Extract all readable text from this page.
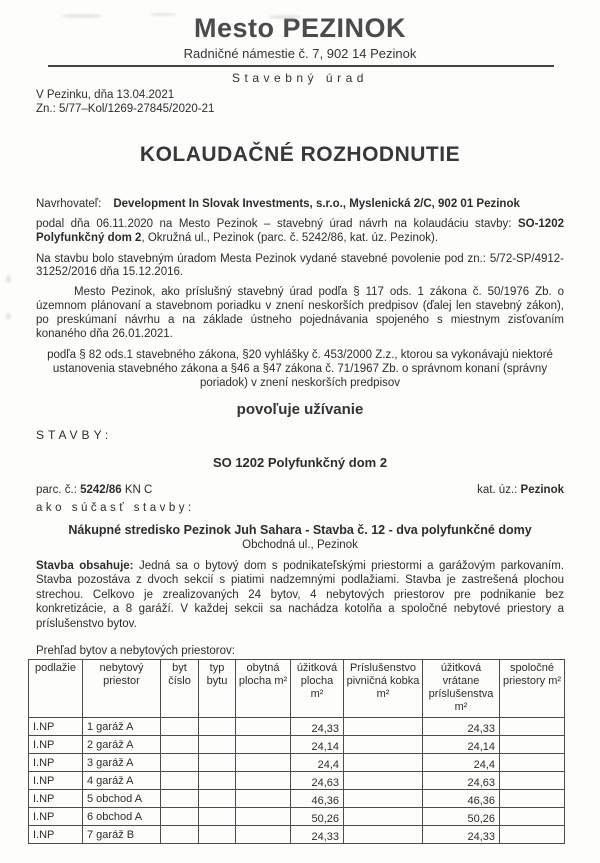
Mesto PEZINOK
Radničné námestie č. 7, 902 14 Pezinok
Stavebný úrad
V Pezinku, dňa 13.04.2021
Zn.: 5/77–Kol/1269-27845/2020-21
KOLAUDAČNÉ ROZHODNUTIE
Navrhovateľ: Development In Slovak Investments, s.r.o., Myslenická 2/C, 902 01 Pezinok

podal dňa 06.11.2020 na Mesto Pezinok – stavebný úrad návrh na kolaudáciu stavby: SO-1202 Polyfunkčný dom 2, Okružná ul., Pezinok (parc. č. 5242/86, kat. úz. Pezinok).

Na stavbu bolo stavebným úradom Mesta Pezinok vydané stavebné povolenie pod zn.: 5/72-SP/4912-31252/2016 dňa 15.12.2016.

Mesto Pezinok, ako príslušný stavebný úrad podľa § 117 ods. 1 zákona č. 50/1976 Zb. o územnom plánovaní a stavebnom poriadku v znení neskorších predpisov (ďalej len stavebný zákon), po preskúmaní návrhu a na základe ústneho pojednávania spojeného s miestnym zisťovaním konaného dňa 26.01.2021.

podľa § 82 ods.1 stavebného zákona, §20 vyhlášky č. 453/2000 Z.z., ktorou sa vykonávajú niektoré ustanovenia stavebného zákona a §46 a §47 zákona č. 71/1967 Zb. o správnom konaní (správny poriadok) v znení neskorších predpisov

povoľuje užívanie
STAVBY:
SO 1202 Polyfunkčný dom 2
parc. č.: 5242/86 KN C	kat. úz.: Pezinok
ako súčasť stavby:
Nákupné stredisko Pezinok Juh Sahara - Stavba č. 12 - dva polyfunkčné domy
Obchodná ul., Pezinok

Stavba obsahuje: Jedná sa o bytový dom s podnikateľskými priestormi a garážovým parkovaním. Stavba pozostáva z dvoch sekcií s piatimi nadzemnými podlažiami. Stavba je zastrešená plochou strechou. Celkovo je zrealizovaných 24 bytov, 4 nebytových priestorov pre podnikanie bez konkretizácie, a 8 garáží. V každej sekcii sa nachádza kotolňa a spoločné nebytové priestory a príslušenstvo bytov.

Prehľad bytov a nebytových priestorov:
podlažie	nebytový priestor	byt číslo	typ bytu	obytná plocha m²	úžitková plocha m²	Príslušenstvo pivničná kobka m²	úžitková vrátane príslušenstva m²	spoločné priestory m²
I.NP	1 garáž A				24,33		24,33	
I.NP	2 garáž A				24,14		24,14	
I.NP	3 garáž A				24,4		24,4	
I.NP	4 garáž A				24,63		24,63	
I.NP	5 obchod A				46,36		46,36	
I.NP	6 obchod A				50,26		50,26	
I.NP	7 garáž B				24,33		24,33	
